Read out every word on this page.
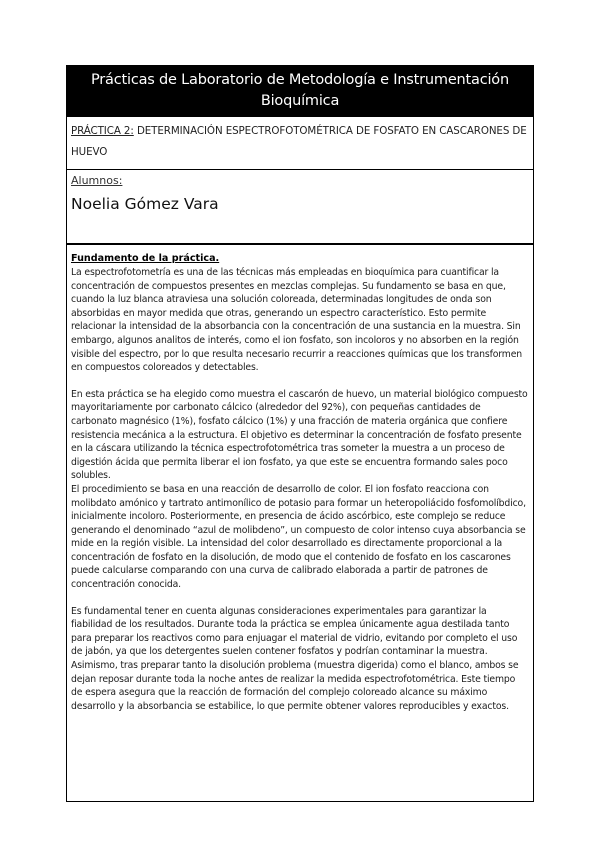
Prácticas de Laboratorio de Metodología e Instrumentación Bioquímica
PRÁCTICA 2: DETERMINACIÓN ESPECTROFOTOMÉTRICA DE FOSFATO EN CASCARONES DE HUEVO
Alumnos:
Noelia Gómez Vara

Fundamento de la práctica.

La espectrofotometría es una de las técnicas más empleadas en bioquímica para cuantificar la concentración de compuestos presentes en mezclas complejas. Su fundamento se basa en que, cuando la luz blanca atraviesa una solución coloreada, determinadas longitudes de onda son absorbidas en mayor medida que otras, generando un espectro característico. Esto permite relacionar la intensidad de la absorbancia con la concentración de una sustancia en la muestra. Sin embargo, algunos analitos de interés, como el ion fosfato, son incoloros y no absorben en la región visible del espectro, por lo que resulta necesario recurrir a reacciones químicas que los transformen en compuestos coloreados y detectables.

En esta práctica se ha elegido como muestra el cascarón de huevo, un material biológico compuesto mayoritariamente por carbonato cálcico (alrededor del 92%), con pequeñas cantidades de carbonato magnésico (1%), fosfato cálcico (1%) y una fracción de materia orgánica que confiere resistencia mecánica a la estructura. El objetivo es determinar la concentración de fosfato presente en la cáscara utilizando la técnica espectrofotométrica tras someter la muestra a un proceso de digestión ácida que permita liberar el ion fosfato, ya que este se encuentra formando sales poco solubles.

El procedimiento se basa en una reacción de desarrollo de color. El ion fosfato reacciona con molibdato amónico y tartrato antimonílico de potasio para formar un heteropoliácido fosfomolíbdico, inicialmente incoloro. Posteriormente, en presencia de ácido ascórbico, este complejo se reduce generando el denominado “azul de molibdeno”, un compuesto de color intenso cuya absorbancia se mide en la región visible. La intensidad del color desarrollado es directamente proporcional a la concentración de fosfato en la disolución, de modo que el contenido de fosfato en los cascarones puede calcularse comparando con una curva de calibrado elaborada a partir de patrones de concentración conocida.

Es fundamental tener en cuenta algunas consideraciones experimentales para garantizar la fiabilidad de los resultados. Durante toda la práctica se emplea únicamente agua destilada tanto para preparar los reactivos como para enjuagar el material de vidrio, evitando por completo el uso de jabón, ya que los detergentes suelen contener fosfatos y podrían contaminar la muestra. Asimismo, tras preparar tanto la disolución problema (muestra digerida) como el blanco, ambos se dejan reposar durante toda la noche antes de realizar la medida espectrofotométrica. Este tiempo de espera asegura que la reacción de formación del complejo coloreado alcance su máximo desarrollo y la absorbancia se estabilice, lo que permite obtener valores reproducibles y exactos.
